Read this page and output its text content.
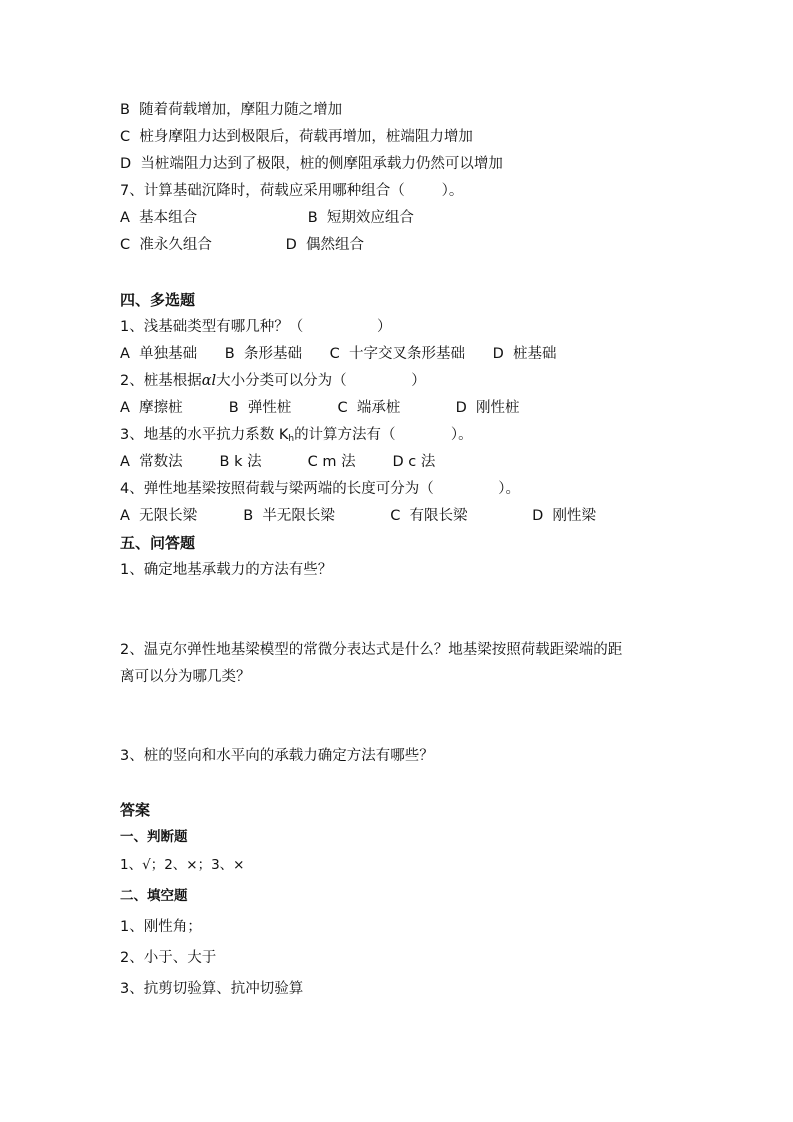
B  随着荷载增加，摩阻力随之增加
C  桩身摩阻力达到极限后，荷载再增加，桩端阻力增加
D  当桩端阻力达到了极限，桩的侧摩阻承载力仍然可以增加
7、计算基础沉降时，荷载应采用哪种组合（        ）。
A  基本组合                        B  短期效应组合
C  准永久组合                D  偶然组合
四、多选题
1、浅基础类型有哪几种？（                ）
A  单独基础      B  条形基础      C  十字交叉条形基础      D  桩基础
2、桩基根据αl大小分类可以分为（              ）
A  摩擦桩          B  弹性桩          C  端承桩            D  刚性桩
3、地基的水平抗力系数 $K_h$的计算方法有（            ）。
A  常数法        B k 法          C m 法        D c 法
4、弹性地基梁按照荷载与梁两端的长度可分为（              ）。
A  无限长梁          B  半无限长梁            C  有限长梁              D  刚性梁
五、问答题
1、确定地基承载力的方法有些？
2、温克尔弹性地基梁模型的常微分表达式是什么？地基梁按照荷载距梁端的距
离可以分为哪几类？
3、桩的竖向和水平向的承载力确定方法有哪些？
答案
一、判断题
1、√；2、×；3、×
二、填空题
1、刚性角；
2、小于、大于
3、抗剪切验算、抗冲切验算
